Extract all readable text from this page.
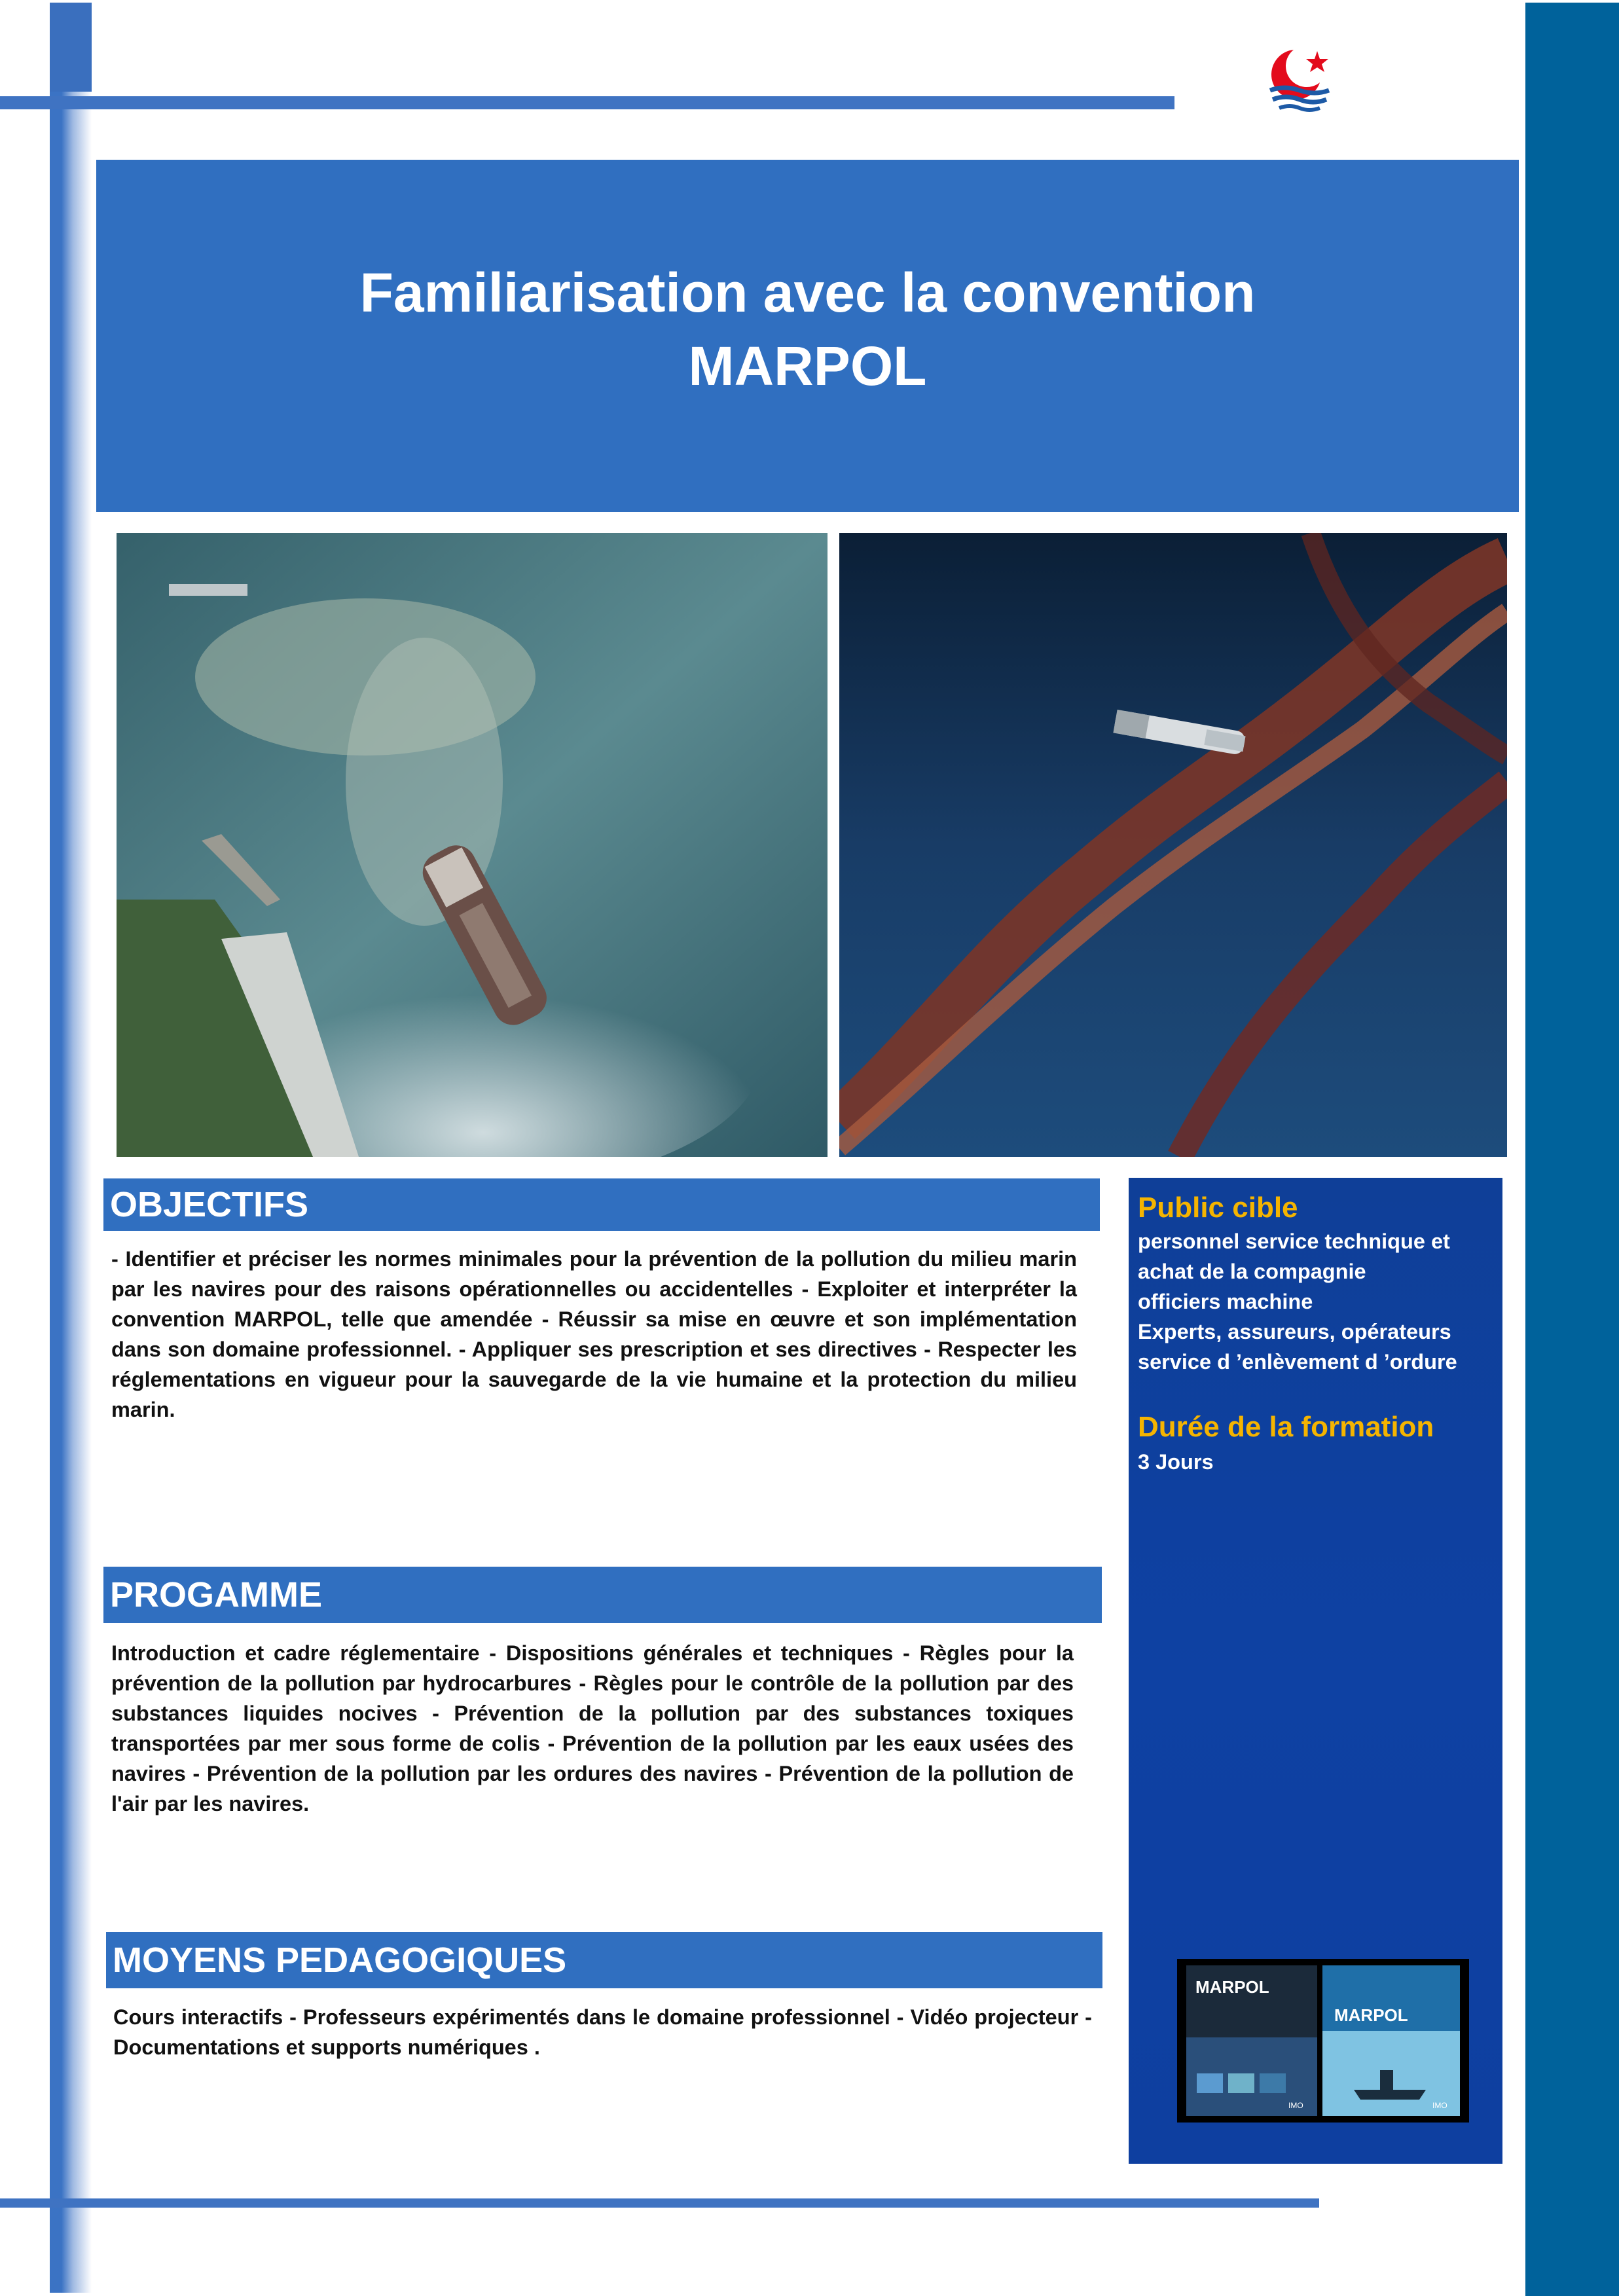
Familiarisation avec la convention
MARPOL
OBJECTIFS
- Identifier et préciser les normes minimales pour la prévention de la pollution du milieu marin par les navires pour des raisons opérationnelles ou accidentelles - Exploiter et interpréter la convention MARPOL, telle que amendée - Réussir sa mise en œuvre et son implémentation dans son domaine professionnel. - Appliquer ses prescription et ses directives - Respecter les réglementations en vigueur pour la sauvegarde de la vie humaine et la protection du milieu marin.
PROGAMME
Introduction et cadre réglementaire - Dispositions générales et techniques - Règles pour la prévention de la pollution par hydrocarbures - Règles pour le contrôle de la pollution par des substances liquides nocives - Prévention de la pollution par des substances toxiques transportées par mer sous forme de colis - Prévention de la pollution par les eaux usées des navires - Prévention de la pollution par les ordures des navires - Prévention de la pollution de l'air par les navires.
MOYENS PEDAGOGIQUES
Cours interactifs - Professeurs expérimentés dans le domaine professionnel - Vidéo projecteur - Documentations et supports numériques .
Public cible
personnel service technique et
achat de la compagnie
officiers machine
Experts, assureurs, opérateurs
service d ’enlèvement d ’ordure
Durée de la formation
3 Jours
MARPOL
IMO
MARPOL
IMO
